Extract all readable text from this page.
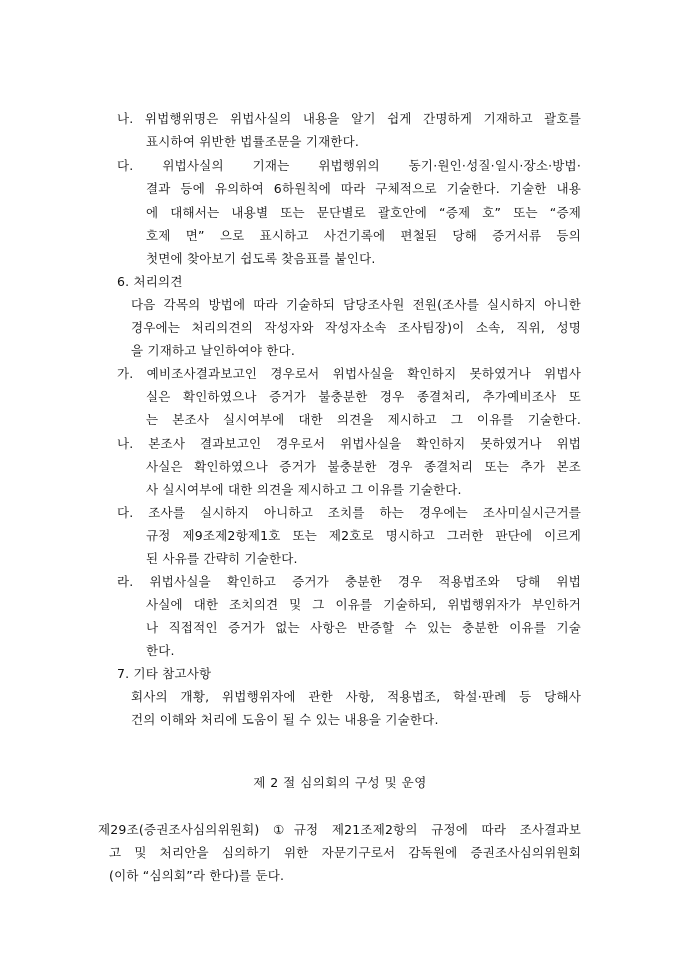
나. 위법행위명은 위법사실의 내용을 알기 쉽게 간명하게 기재하고 괄호를
표시하여 위반한 법률조문을 기재한다.
다. 위법사실의 기재는 위법행위의 동기·원인·성질·일시·장소·방법·
결과 등에 유의하여 6하원칙에 따라 구체적으로 기술한다. 기술한 내용
에 대해서는 내용별 또는 문단별로 괄호안에 “증제 호” 또는 “증제
호제 면” 으로 표시하고 사건기록에 편철된 당해 증거서류 등의
첫면에 찾아보기 쉽도록 찾음표를 붙인다.
6. 처리의견
다음 각목의 방법에 따라 기술하되 담당조사원 전원(조사를 실시하지 아니한
경우에는 처리의견의 작성자와 작성자소속 조사팀장)이 소속, 직위, 성명
을 기재하고 날인하여야 한다.
가. 예비조사결과보고인 경우로서 위법사실을 확인하지 못하였거나 위법사
실은 확인하였으나 증거가 불충분한 경우 종결처리, 추가예비조사 또
는 본조사 실시여부에 대한 의견을 제시하고 그 이유를 기술한다.
나. 본조사 결과보고인 경우로서 위법사실을 확인하지 못하였거나 위법
사실은 확인하였으나 증거가 불충분한 경우 종결처리 또는 추가 본조
사 실시여부에 대한 의견을 제시하고 그 이유를 기술한다.
다. 조사를 실시하지 아니하고 조치를 하는 경우에는 조사미실시근거를
규정 제9조제2항제1호 또는 제2호로 명시하고 그러한 판단에 이르게
된 사유를 간략히 기술한다.
라. 위법사실을 확인하고 증거가 충분한 경우 적용법조와 당해 위법
사실에 대한 조치의견 및 그 이유를 기술하되, 위법행위자가 부인하거
나 직접적인 증거가 없는 사항은 반증할 수 있는 충분한 이유를 기술
한다.
7. 기타 참고사항
회사의 개황, 위법행위자에 관한 사항, 적용법조, 학설·판례 등 당해사
건의 이해와 처리에 도움이 될 수 있는 내용을 기술한다.
제 2 절 심의회의 구성 및 운영
제29조(증권조사심의위원회) ①규정 제21조제2항의 규정에 따라 조사결과보
고 및 처리안을 심의하기 위한 자문기구로서 감독원에 증권조사심의위원회
(이하 “심의회”라 한다)를 둔다.
